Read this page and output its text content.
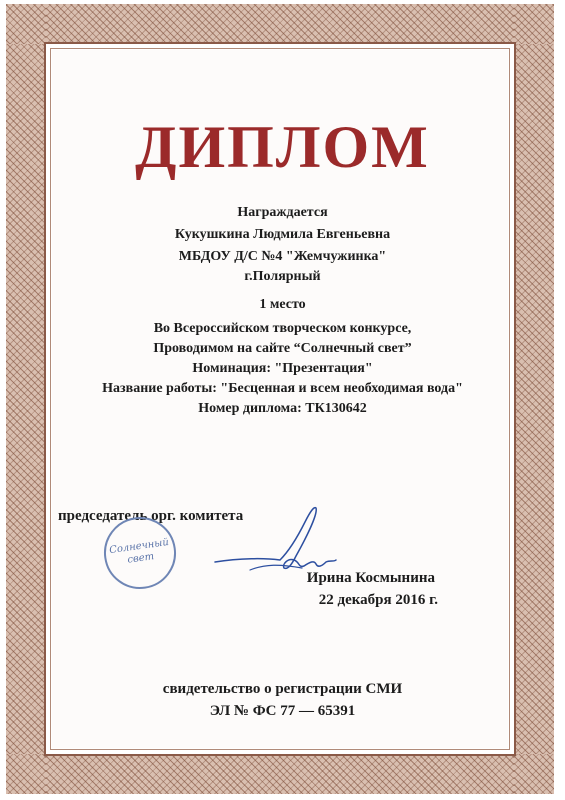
ДИПЛОМ
Награждается
Кукушкина Людмила Евгеньевна
МБДОУ Д/С №4 "Жемчужинка"
г.Полярный
1 место
Во Всероссийском творческом конкурсе,
Проводимом на сайте “Солнечный свет”
Номинация: "Презентация"
Название работы: "Бесценная и всем необходимая вода"
Номер диплома: ТК130642
председатель орг. комитета
Солнечный свет
Ирина Космынина
22 декабря 2016 г.
свидетельство о регистрации СМИ
ЭЛ № ФС 77 — 65391
